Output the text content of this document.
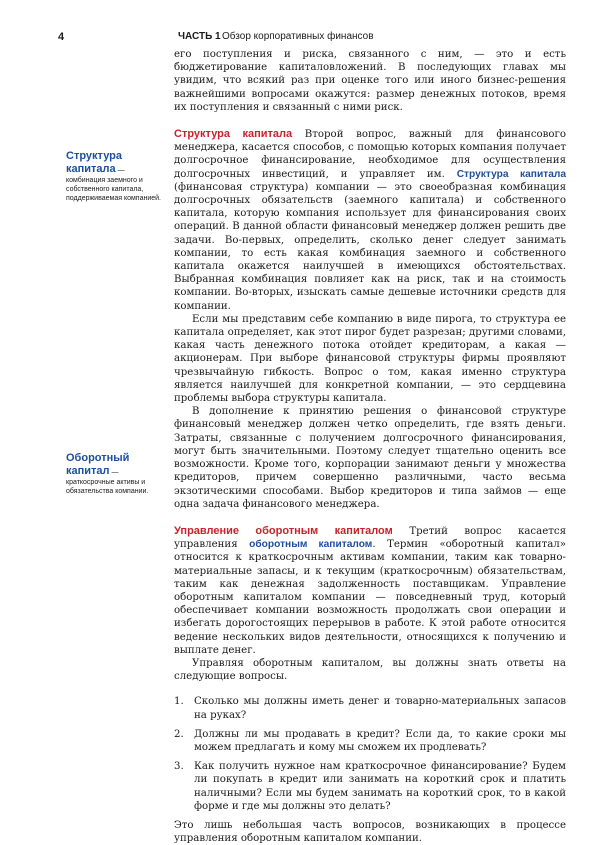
4	ЧАСТЬ 1 Обзор корпоративных финансов
Структура капитала — комбинация заемного и собственного капитала, поддерживаемая компанией.
Оборотный капитал — краткосрочные активы и обязательства компании.

его поступления и риска, связанного с ним, — это и есть бюджетирование капиталовложений. В последующих главах мы увидим, что всякий раз при оценке того или иного бизнес-решения важнейшими вопросами окажутся: размер денежных потоков, время их поступления и связанный с ними риск.

Структура капитала Второй вопрос, важный для финансового менеджера, касается способов, с помощью которых компания получает долгосрочное финансирование, необходимое для осуществления долгосрочных инвестиций, и управляет им. Структура капитала (финансовая структура) компании — это своеобразная комбинация долгосрочных обязательств (заемного капитала) и собственного капитала, которую компания использует для финансирования своих операций. В данной области финансовый менеджер должен решить две задачи. Во-первых, определить, сколько денег следует занимать компании, то есть какая комбинация заемного и собственного капитала окажется наилучшей в имеющихся обстоятельствах. Выбранная комбинация повлияет как на риск, так и на стоимость компании. Во-вторых, изыскать самые дешевые источники средств для компании.

Если мы представим себе компанию в виде пирога, то структура ее капитала определяет, как этот пирог будет разрезан; другими словами, какая часть денежного потока отойдет кредиторам, а какая — акционерам. При выборе финансовой структуры фирмы проявляют чрезвычайную гибкость. Вопрос о том, какая именно структура является наилучшей для конкретной компании, — это сердцевина проблемы выбора структуры капитала.

В дополнение к принятию решения о финансовой структуре финансовый менеджер должен четко определить, где взять деньги. Затраты, связанные с получением долгосрочного финансирования, могут быть значительными. Поэтому следует тщательно оценить все возможности. Кроме того, корпорации занимают деньги у множества кредиторов, причем совершенно различными, часто весьма экзотическими способами. Выбор кредиторов и типа займов — еще одна задача финансового менеджера.

Управление оборотным капиталом Третий вопрос касается управления оборотным капиталом. Термин «оборотный капитал» относится к краткосрочным активам компании, таким как товарно-материальные запасы, и к текущим (краткосрочным) обязательствам, таким как денежная задолженность поставщикам. Управление оборотным капиталом компании — повседневный труд, который обеспечивает компании возможность продолжать свои операции и избегать дорогостоящих перерывов в работе. К этой работе относится ведение нескольких видов деятельности, относящихся к получению и выплате денег.

Управляя оборотным капиталом, вы должны знать ответы на следующие вопросы.

1. Сколько мы должны иметь денег и товарно-материальных запасов на руках?
2. Должны ли мы продавать в кредит? Если да, то какие сроки мы можем предлагать и кому мы сможем их продлевать?
3. Как получить нужное нам краткосрочное финансирование? Будем ли покупать в кредит или занимать на короткий срок и платить наличными? Если мы будем занимать на короткий срок, то в какой форме и где мы должны это делать?

Это лишь небольшая часть вопросов, возникающих в процессе управления оборотным капиталом компании.
